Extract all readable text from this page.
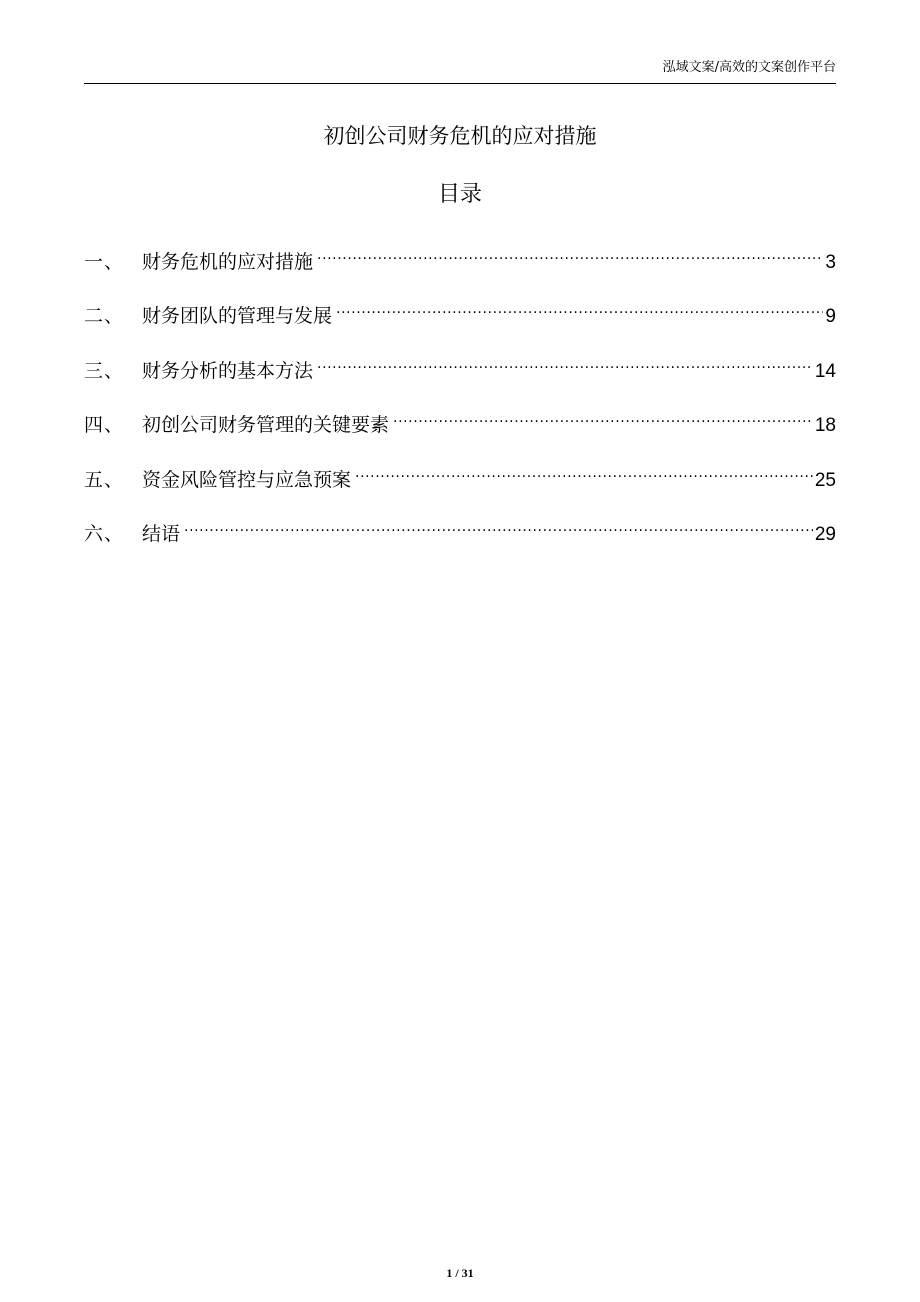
泓域文案/高效的文案创作平台
初创公司财务危机的应对措施
目录
一、 财务危机的应对措施 .....	3
二、 财务团队的管理与发展 .....	9
三、 财务分析的基本方法 .....	14
四、 初创公司财务管理的关键要素 .....	18
五、 资金风险管控与应急预案 .....	25
六、 结语 .....	29
1 / 31
